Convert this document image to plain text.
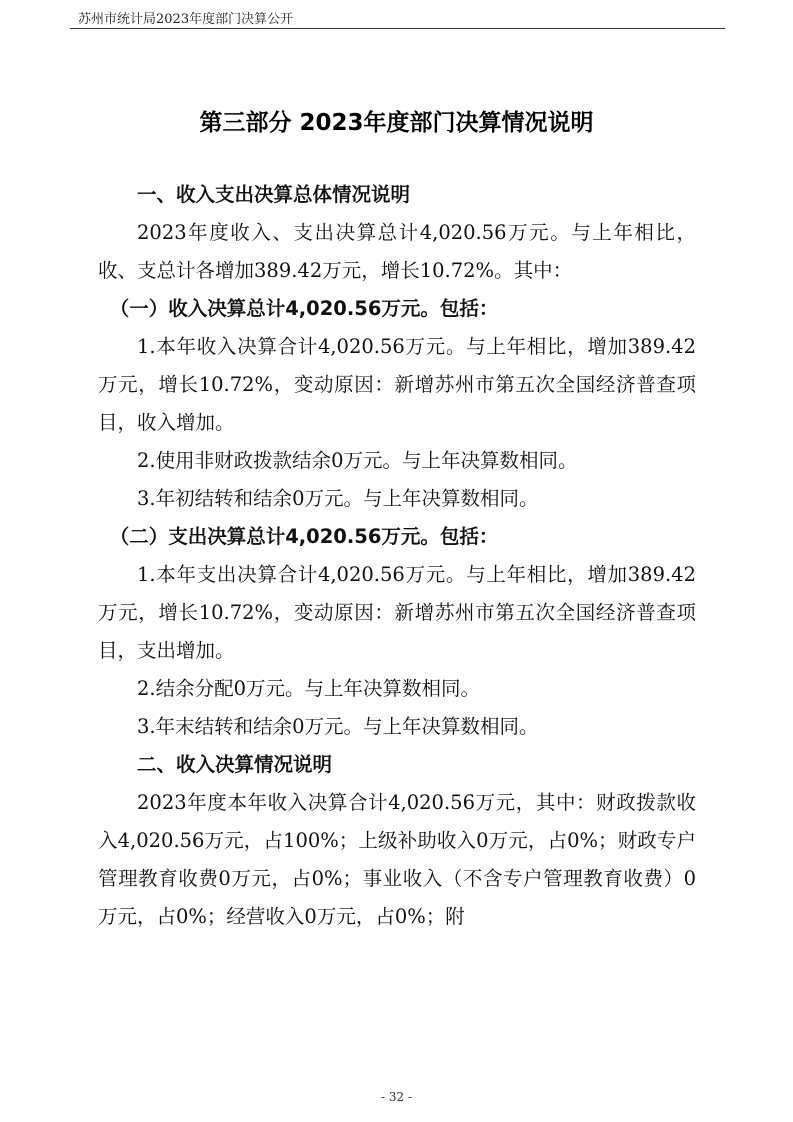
苏州市统计局2023年度部门决算公开
第三部分 2023年度部门决算情况说明

一、收入支出决算总体情况说明

2023年度收入、支出决算总计4,020.56万元。与上年相比，收、支总计各增加389.42万元，增长10.72%。其中：

（一）收入决算总计4,020.56万元。包括：

1.本年收入决算合计4,020.56万元。与上年相比，增加389.42万元，增长10.72%，变动原因：新增苏州市第五次全国经济普查项目，收入增加。

2.使用非财政拨款结余0万元。与上年决算数相同。

3.年初结转和结余0万元。与上年决算数相同。

（二）支出决算总计4,020.56万元。包括：

1.本年支出决算合计4,020.56万元。与上年相比，增加389.42万元，增长10.72%，变动原因：新增苏州市第五次全国经济普查项目，支出增加。

2.结余分配0万元。与上年决算数相同。

3.年末结转和结余0万元。与上年决算数相同。

二、收入决算情况说明

2023年度本年收入决算合计4,020.56万元，其中：财政拨款收入4,020.56万元，占100%；上级补助收入0万元，占0%；财政专户管理教育收费0万元，占0%；事业收入（不含专户管理教育收费）0万元，占0%；经营收入0万元，占0%；附

- 32 -
